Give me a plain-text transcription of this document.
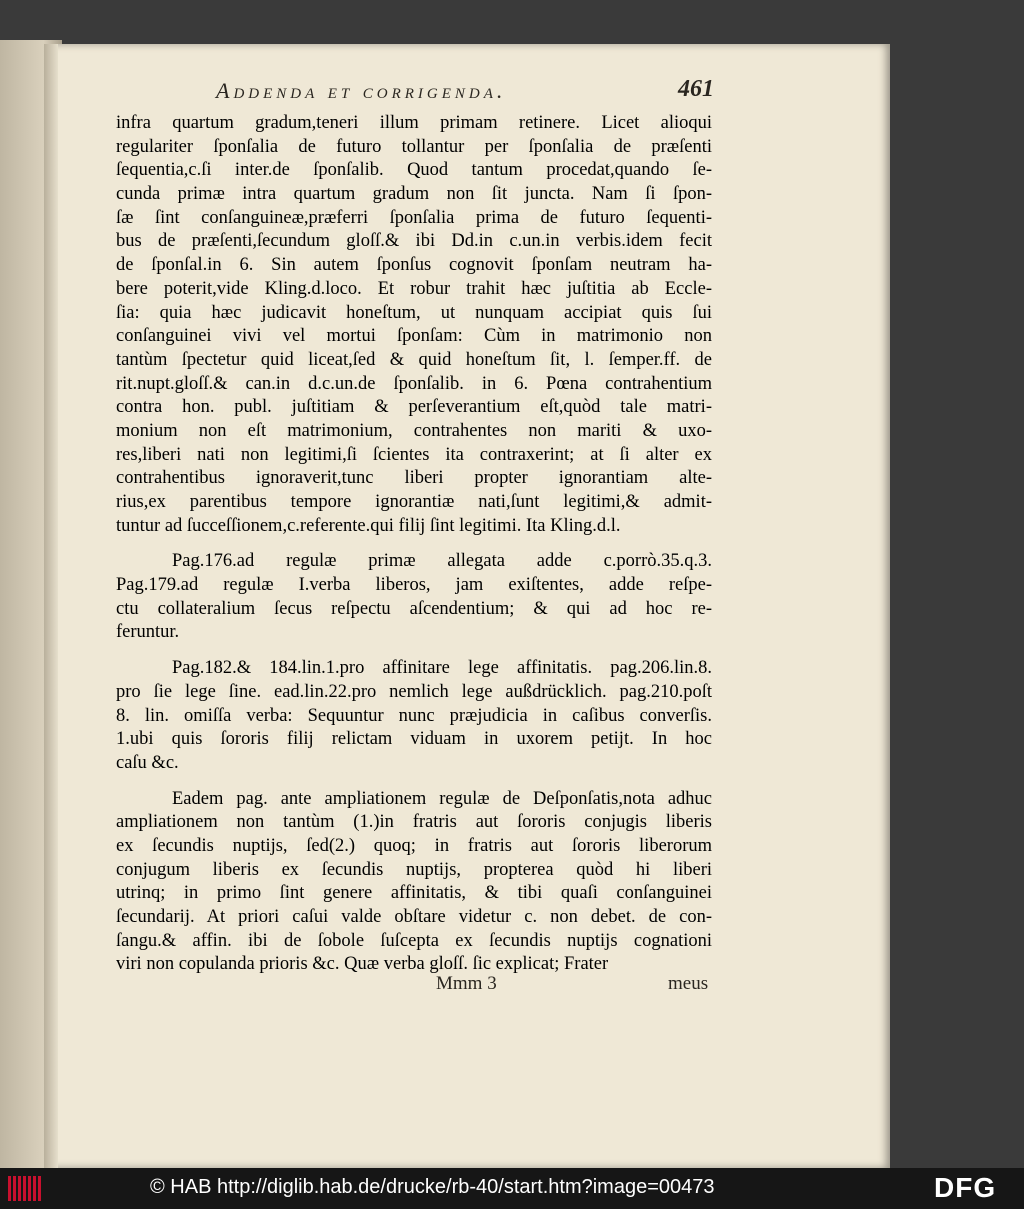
Addenda et corrigenda.	461
infra quartum gradum,teneri illum primam retinere. Licet alioqui
regulariter ſponſalia de futuro tollantur per ſponſalia de præſenti
ſequentia,c.ſi inter.de ſponſalib. Quod tantum procedat,quando ſe-
cunda primæ intra quartum gradum non ſit juncta. Nam ſi ſpon-
ſæ ſint conſanguineæ,præferri ſponſalia prima de futuro ſequenti-
bus de præſenti,ſecundum gloſſ.& ibi Dd.in c.un.in verbis.idem fecit
de ſponſal.in 6. Sin autem ſponſus cognovit ſponſam neutram ha-
bere poterit,vide Kling.d.loco. Et robur trahit hæc juſtitia ab Eccle-
ſia: quia hæc judicavit honeſtum, ut nunquam accipiat quis ſui
conſanguinei vivi vel mortui ſponſam: Cùm in matrimonio non
tantùm ſpectetur quid liceat,ſed & quid honeſtum ſit, l. ſemper.ff. de
rit.nupt.gloſſ.& can.in d.c.un.de ſponſalib. in 6. Pœna contrahentium
contra hon. publ. juſtitiam & perſeverantium eſt,quòd tale matri-
monium non eſt matrimonium, contrahentes non mariti & uxo-
res,liberi nati non legitimi,ſi ſcientes ita contraxerint; at ſi alter ex
contrahentibus ignoraverit,tunc liberi propter ignorantiam alte-
rius,ex parentibus tempore ignorantiæ nati,ſunt legitimi,& admit-
tuntur ad ſucceſſionem,c.referente.qui filij ſint legitimi. Ita Kling.d.l.
Pag.176.ad regulæ primæ allegata adde c.porrò.35.q.3.
Pag.179.ad regulæ I.verba liberos, jam exiſtentes, adde reſpe-
ctu collateralium ſecus reſpectu aſcendentium; & qui ad hoc re-
feruntur.
Pag.182.& 184.lin.1.pro affinitare lege affinitatis. pag.206.lin.8.
pro ſie lege ſine. ead.lin.22.pro nemlich lege außdrücklich. pag.210.poſt
8. lin. omiſſa verba: Sequuntur nunc præjudicia in caſibus converſis.
1.ubi quis ſororis filij relictam viduam in uxorem petijt. In hoc
caſu &c.
Eadem pag. ante ampliationem regulæ de Deſponſatis,nota adhuc
ampliationem non tantùm (1.)in fratris aut ſororis conjugis liberis
ex ſecundis nuptijs, ſed(2.) quoq; in fratris aut ſororis liberorum
conjugum liberis ex ſecundis nuptijs, propterea quòd hi liberi
utrinq; in primo ſint genere affinitatis, & tibi quaſi conſanguinei
ſecundarij. At priori caſui valde obſtare videtur c. non debet. de con-
ſangu.& affin. ibi de ſobole ſuſcepta ex ſecundis nuptijs cognationi
viri non copulanda prioris &c. Quæ verba gloſſ. ſic explicat; Frater
Mmm 3	meus
© HAB http://diglib.hab.de/drucke/rb-40/start.htm?image=00473	DFG
